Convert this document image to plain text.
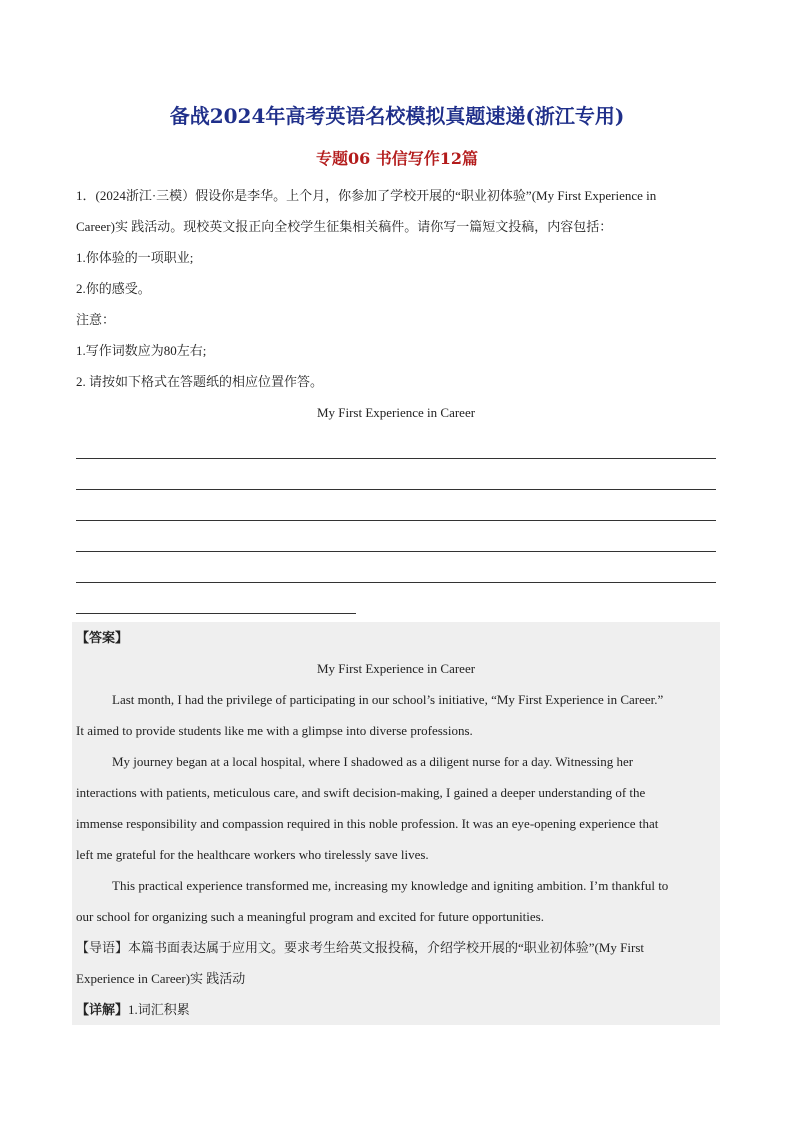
备战2024年高考英语名校模拟真题速递(浙江专用)
专题06 书信写作12篇
1．(2024浙江·三模）假设你是李华。上个月，你参加了学校开展的“职业初体验”(My First Experience in
Career)实 践活动。现校英文报正向全校学生征集相关稿件。请你写一篇短文投稿，内容包括：
1.你体验的一项职业;
2.你的感受。
注意：
1.写作词数应为80左右;
2. 请按如下格式在答题纸的相应位置作答。
My First Experience in Career
【答案】
My First Experience in Career
Last month, I had the privilege of participating in our school’s initiative, “My First Experience in Career.”
It aimed to provide students like me with a glimpse into diverse professions.
My journey began at a local hospital, where I shadowed as a diligent nurse for a day. Witnessing her
interactions with patients, meticulous care, and swift decision-making, I gained a deeper understanding of the
immense responsibility and compassion required in this noble profession. It was an eye-opening experience that
left me grateful for the healthcare workers who tirelessly save lives.
This practical experience transformed me, increasing my knowledge and igniting ambition. I’m thankful to
our school for organizing such a meaningful program and excited for future opportunities.
【导语】本篇书面表达属于应用文。要求考生给英文报投稿，介绍学校开展的“职业初体验”(My First
Experience in Career)实 践活动
【详解】1.词汇积累
